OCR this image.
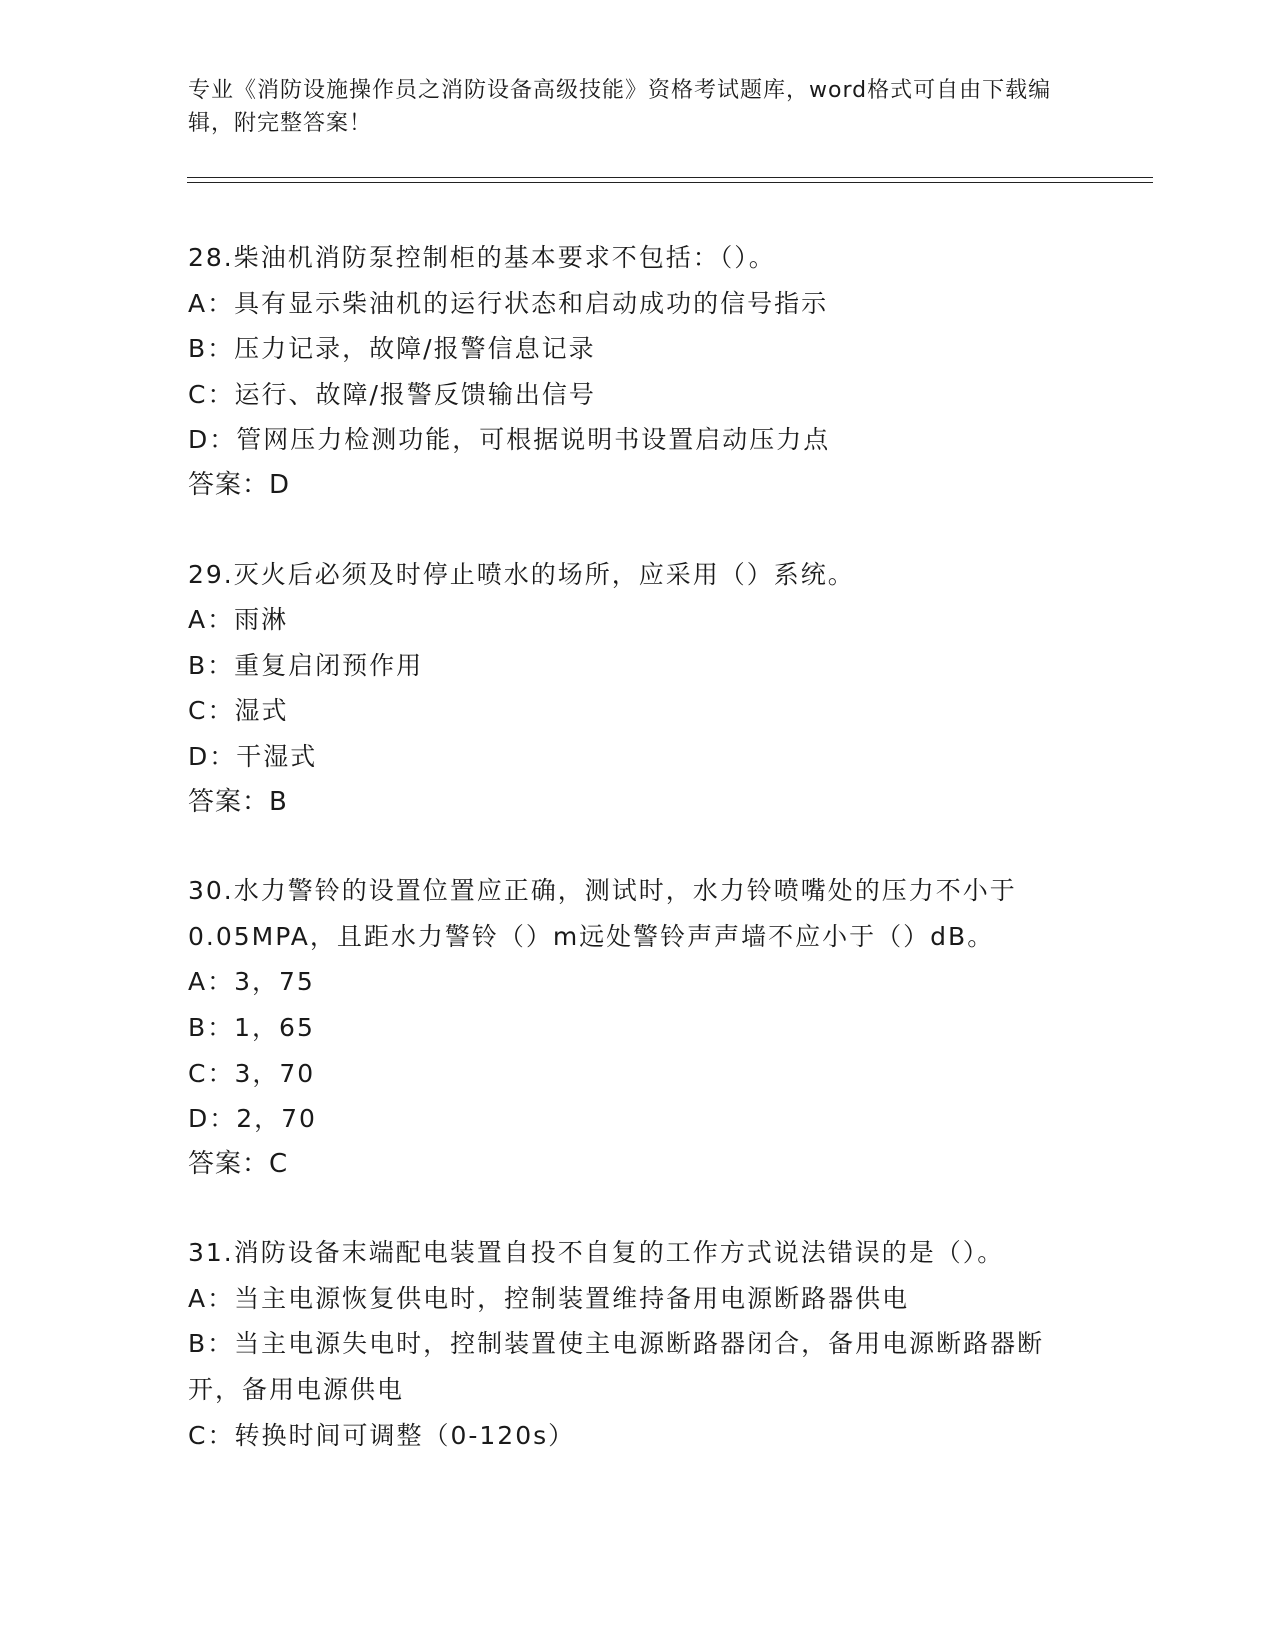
专业《消防设施操作员之消防设备高级技能》资格考试题库，word格式可自由下载编辑，附完整答案！
28.柴油机消防泵控制柜的基本要求不包括：（）。
A：具有显示柴油机的运行状态和启动成功的信号指示
B：压力记录，故障/报警信息记录
C：运行、故障/报警反馈输出信号
D：管网压力检测功能，可根据说明书设置启动压力点
答案：D
29.灭火后必须及时停止喷水的场所，应采用（）系统。
A：雨淋
B：重复启闭预作用
C：湿式
D：干湿式
答案：B
30.水力警铃的设置位置应正确，测试时，水力铃喷嘴处的压力不小于0.05MPA，且距水力警铃（）m远处警铃声声墙不应小于（）dB。
A：3，75
B：1，65
C：3，70
D：2，70
答案：C
31.消防设备末端配电装置自投不自复的工作方式说法错误的是（）。
A：当主电源恢复供电时，控制装置维持备用电源断路器供电
B：当主电源失电时，控制装置使主电源断路器闭合，备用电源断路器断开，备用电源供电
C：转换时间可调整（0-120s）
